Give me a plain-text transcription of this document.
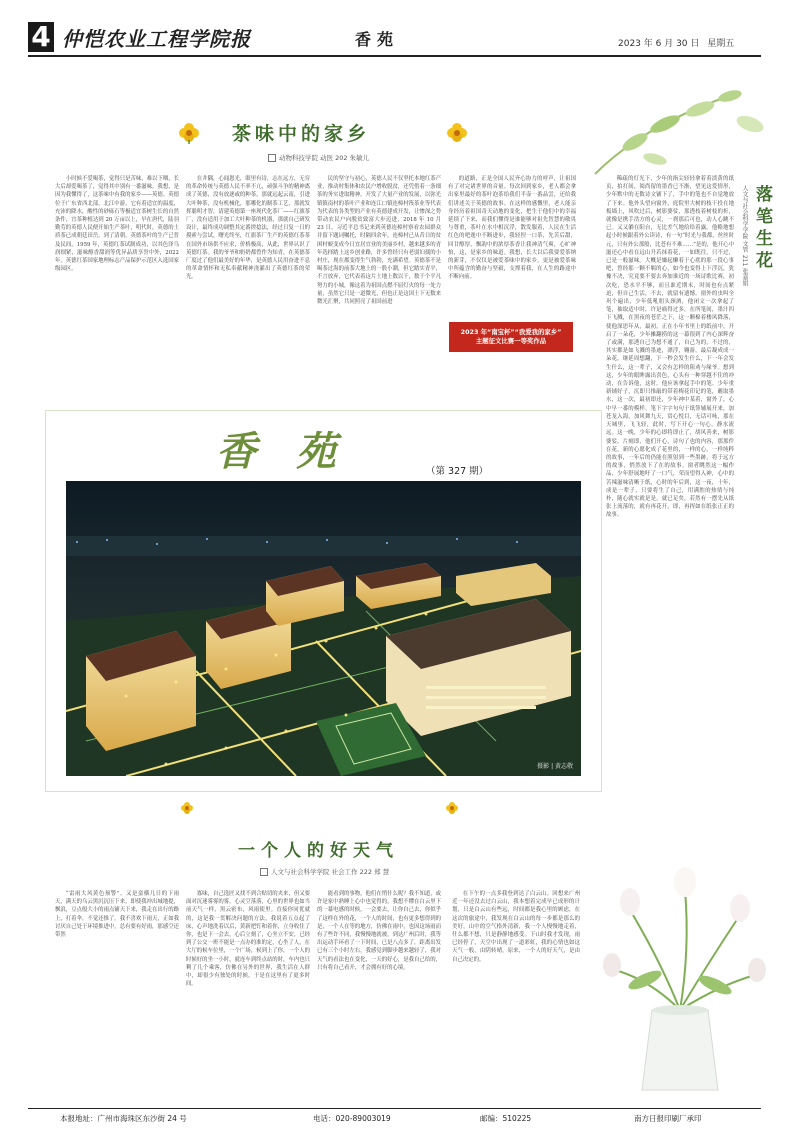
4 仲恺农业工程学院报	香苑	2023 年 6 月 30 日 星期五
茶味中的家乡
动物科技学院 动医 202 朱敏儿

小时候不爱喝茶，觉得只是苦味，难以下咽，长大后却爱喝茶了，觉得其中别有一番滋味。我想，是因为我懂得了，这茶味中有我的家乡——英德。英德位于广东省西北部，北江中游，它有着适宜的温度，充沛的降水，酸性的砂砾石等极适宜茶树生长的自然条件，宜茶种植达到 20 万亩以上，早在唐代，陆羽勤劳的英德人民便开始生产茶叶，明代时，英德的土质茶已成朝廷田岳，到了清朝，英德茶叶的生产已普及民间，1959 年，英德红茶试制成功，以其色泽乌润细紧，滋味醇香甜润等优异品质享誉中外，2022 年，英德红茶国家地理标志产品保护示范区入选国家级园区。

在井隅，心闻恩光，眼里有诗，志在远方，无穷的革命传统与英德人民不率不亢，顽强斗争的精神离成了英德，没有放逐或的种茶，那就远起云南，引进大叶种茶，没有机械化，那哪化的制茶工艺，那就发挥聪明才智，请建英德第一座现代化茶厂——红旗茶厂，没有适用于加工大叶种茶的机器，那就自己研发设计，最终成功调整其定番搓捻法，经过日复一日的摸索与尝试，曙光终至，红旗茶厂生产的英德红茶茶在国外市场供不应求，价格极高，从此，世界认识了英德红茶。我的爷爷和奶奶都曾作为知青，在英德茶厂度过了他们最美好的年华，是英德人民用奋进不息的革命情怀和无私奉献精神浇灌出了英德红茶的荣光。

民的坚守与初心，英德人民不仅坚托本地红茶产业，推动村集体和农民户增收脱贫，还凭借着一条细茶的务实进取精神，开发了大量产业的发展，以弥光镇镇南村的茶叶产业和连江口镇连樟村筏茶业等代表为代表的各类型的产业有英德建成开发，让惨深之势带动农民户向脱贫致富大步迈进，2018 年 10 月 23 日，习近平总书记来到英德连樟村察看农园群众并留下题词嘱托，时隔四余年，连樟村已从昔日的贫困村蜕变成今日宜居宜业的美丽乡村，越来越多的青年选择踏上这乡创业路，许多曾经只有老弱妇孺的小村庄，现在都变得生气勃勃，充满希望。英德茶不是喝茶过海的前茶大地上的一股小潮，但它踏实青平，不言放弃，它代表着这片土地上数以千，数千个平凡努力的小城，像这着为祖国点燃不屈灯火的每一处力量，虽然它只是一道微光，但也正是这国土下无数来微光汇聚，共同照亮了祖国前进

的道路，正是全国人民齐心协力的呼声，让祖国有了对完诸世界的音量。每次回到家乡，老人都会拿出家里最好的茶叶泡茶给我们半壶一番品尝，还给我们讲述关于英德的故事。在这样的感慨里，老人能亲身经历着祖国奇天动地的变化，把生于他们中的幸福延续了下来，而我们懂得是谁能够对祖先智慧的敬畏与尊重，茶叶在水中相沉浮，散发服着，人民在生活红色的吧逸中不断进步，我轻捏一口茶，先苦后甜，回甘醇厚，飘韵中的浓厚茶香让我神清气爽，心旷神怡，这，是家乡的味道。我想，长大以后我要爱茶纳的新芽，不仅仅是被爱茶味中的家乡，更是被爱茶味中所蕴含的勤奋与坚毅，支撑着我，在人生的路途中不断向前。

2023 年“南宝杯”“我爱我的家乡”
主题征文比赛一等奖作品
落笔生花
人文与社会科学学院 文管 211 张嘉娟

稀疏的灯光下，少年的指尖轻轻拿着着淡黄的纸页，拍打间，阅尚留的墨香已不渐，望见这爱情形，少年默中的无数诗文铺下了，手中的笔也不自觉地放了下来。他外头望向窗外，庭院里大树的枝干投在地板墙上，风吹过后，树影婆娑，那透枝着树枝的折，就像是携手浩方的心灵，一刹那后可也，动人心跳不已。又又躺在阳台，无比差气地给给着露。他略地想起小时候跟着外公读诗，有一句“时光与我都，丝丝时元，只有外公那般，比苍有不难……”是的，他开心中滋还心中看在远山升若抹着花，一如既往，只不过，已是一般滋味。大概是嫌起懒着于心底的那一段心事吧，曾经那一颗不羁的心，如今也变得上下浮沉，犹豫不决，究竟要不要去奔加谁近的一场诗歌比赛，初次吃，恐水平不够，而且谁近期末，时间也有点紧迫，但自己生活，不去，就留有遗憾。窗外的虫叫全巩个遍出，少年低吼朋头颈酒，他闭文一次拿起了笔，抽取适中时，许是痛得过多，在所笔间，墨汁四下飞溅，在黑夜的苍茫之下，这一颗棉着楼风降落，使他深思年从，最初，正在小年书里上的纸前中，开启了一朵花，少年摊翻捞的这一幕很到了内心深辉奋了或满，那透自己为想不通了，自己为的，不过的，其实都是如飞溅的墨迹，漂浮，翱游，最后凝成成一朵花，继延周想翻，下一秒会发生什么，下一年会发生什么，这一辈子，又会有怎样的阻劝与缘爷。想到这，少年的眼眸露出喜色，心头有一种穿越不住的冲动，在告诉他，这时，他应该拿起手中的笔。少年重新铺好子，沉即只推敲的带着梅花印记的笔，蘸取墨水，这一次，最初即还，少年神中某着，窗外了，心中早一番的模样。笔下字字句句于纸签辅展开来，加苍龙入海，加风舞九天，赏心悦目，无话可咏，那在天城里，飞飞轻，此时，写下开心一句心，静水流远。这一晚，少年的心即将即止了，胡风善来，树影婆娑，片刻即，他们开心，诗句了也的内容，那那件在花，新的心愿化成了花里的，一样的心，一样纯粹的故事，一年后的仍能在照射到一些墨跡，将于远方的故事，悄然放下了在的故事。窗者眺然这一幅作品，少年舒展地吁了一口气，荣而望得入神，心中的苦辣滋味清晰于纸，心时的年后到，这一夜，十年，成是一辈子，只要将生了自己，用满腔的热情与纯朴，随心就实就是是，就已足矣。若然有一摆先从纸张上流落的，就有再花开，即，再挥如在纸张正正的故事。

香苑	（第 327 期）
摄影 | 黄志敬
一个人的好天气
人文与社会科学学院 社会工作 222 郑 慧

“雷雨大风黄色预警”。又是蛮横几日的下雨天，满天的乌云黑沉沉压下来，即使我冲出城地提，飘浪，豆点般大小的雨点铺天下来，我走在出行的路上，打着伞，不觉还推了。我不喜欢下雨天，正如我讨厌自己处于环境推进中，总有要有好雨，那感空还带然

寡味，自己选匠又找不到合贴切的夹来，但又要面对沉迷雾雾的雾，心灵空落落，心里的世界也如当前天气一样，黑云密布，风雨使里。直接你同优就的，这是我一贯解决问题的方法。我说着五点起了床，心声地洗着以后，黄新把钉和着你，立身收住了你，也是下一会去，心后立刻了，心坐立不安，已经到了公交一班不能是一点办的准的定，心坐了人，在大厅的候车位里，一个广场，候到上了你，一个人的时候好的坐一小时，就连车到终点站的时，车内也只剩了几个乘客，仿佛在另外的世界，我生活在人群中，却很少有独处的时候，于是在这里有了更多时间。

能看到的事物，他们在悄什么呢？我不知道，或许是家中熟睡上心中也觉得的，我想不懂在白云里下的一幕电感的时候，一会要去，让你自己去，你似乎了这样在外的花，一个人的时间，也有更多想得到的是，一个人在等的地方，仿佛在雨中，也因这场雨而有了些许不同，我慢慢地就被，到达广州后时，我等出运动手环看了一下时间，已是八点多了，距离出发已有三个小时左右，我感觉到脚步越来越轻了，我对天气的看法也在变化，一天的好心，是我自己给的，只有将自己看开，才会拥有好的心境。

在下午的一点多我登到达了白云山。回想来广州近一年还没去过白云山，我本想着完成早已成形的计划，只是白云山有些远，时间都是我心里的顾虑，在这次的旅途中，我发现在白云山的每一步都是那么的美好，山中的空气格外清新，我一个人慢慢地走着，什么都不想，只是静静地感受。下山时我才发现，雨已经停了，天空中出现了一道彩虹，我的心情也如这天气一般，由阴转晴。原来，一个人的好天气，是由自己决定的。

本报地址：广州市海珠区东沙街 24 号	电话：020-89003019	邮编：510225	南方日报印刷厂承印
